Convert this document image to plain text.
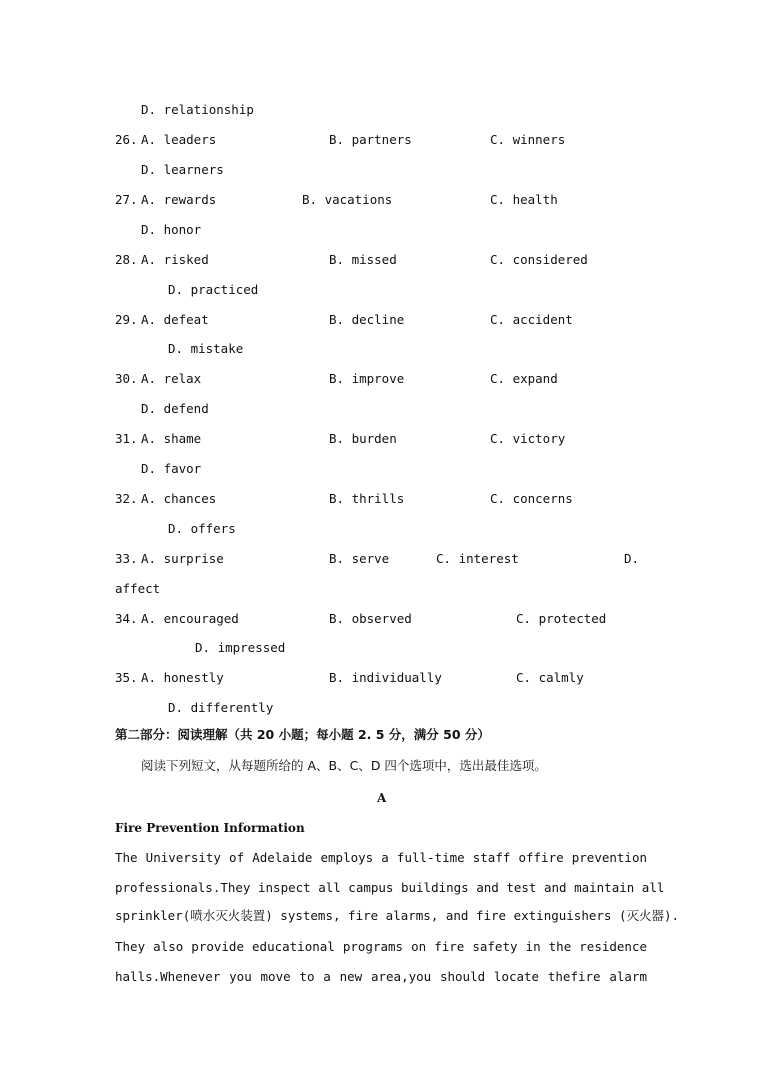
D. relationship
26. A. leaders	B. partners	C. winners
D. learners
27. A. rewards	B. vacations	C. health
D. honor
28. A. risked	B. missed	C. considered
D. practiced
29. A. defeat	B. decline	C. accident
D. mistake
30. A. relax	B. improve	C. expand
D. defend
31. A. shame	B. burden	C. victory
D. favor
32. A. chances	B. thrills	C. concerns
D. offers
33. A. surprise	B. serve	C. interest	D.
affect
34. A. encouraged	B. observed	C. protected
D. impressed
35. A. honestly	B. individually	C. calmly
D. differently
第二部分：阅读理解（共 20 小题；每小题 2. 5 分，满分 50 分）
阅读下列短文，从每题所给的 A、B、C、D 四个选项中，选出最佳选项。
A
Fire Prevention Information
The University of Adelaide employs a full-time staff offire prevention
professionals.They inspect all campus buildings and test and maintain all
sprinkler(喷水灭火装置) systems, fire alarms, and fire extinguishers (灭火器).
They also provide educational programs on fire safety in the residence
halls.Whenever you move to a new area,you should locate thefire alarm
